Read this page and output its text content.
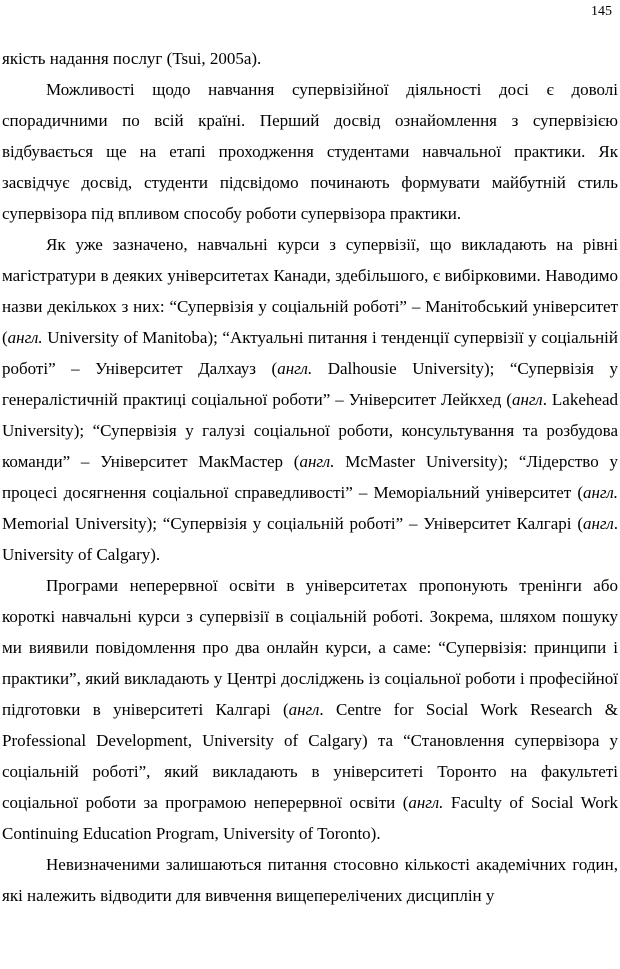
145

якість надання послуг (Tsui, 2005a).

Можливості щодо навчання супервізійної діяльності досі є доволі спорадичними по всій країні. Перший досвід ознайомлення з супервізією відбувається ще на етапі проходження студентами навчальної практики. Як засвідчує досвід, студенти підсвідомо починають формувати майбутній стиль супервізора під впливом способу роботи супервізора практики.

Як уже зазначено, навчальні курси з супервізії, що викладають на рівні магістратури в деяких університетах Канади, здебільшого, є вибірковими. Наводимо назви декількох з них: “Супервізія у соціальній роботі” – Манітобський університет (англ. University of Manitoba); “Актуальні питання і тенденції супервізії у соціальній роботі” – Університет Далхауз (англ. Dalhousie University); “Супервізія у генералістичній практиці соціальної роботи” – Університет Лейкхед (англ. Lakehead University); “Супервізія у галузі соціальної роботи, консультування та розбудова команди” – Університет МакМастер (англ. McMaster University); “Лідерство у процесі досягнення соціальної справедливості” – Меморіальний університет (англ. Memorial University); “Супервізія у соціальній роботі” – Університет Калгарі (англ. University of Calgary).

Програми неперервної освіти в університетах пропонують тренінги або короткі навчальні курси з супервізії в соціальній роботі. Зокрема, шляхом пошуку ми виявили повідомлення про два онлайн курси, а саме: “Супервізія: принципи і практики”, який викладають у Центрі досліджень із соціальної роботи і професійної підготовки в університеті Калгарі (англ. Centre for Social Work Research & Professional Development, University of Calgary) та “Становлення супервізора у соціальній роботі”, який викладають в університеті Торонто на факультеті соціальної роботи за програмою неперервної освіти (англ. Faculty of Social Work Continuing Education Program, University of Toronto).

Невизначеними залишаються питання стосовно кількості академічних годин, які належить відводити для вивчення вищеперелічених дисциплін у
